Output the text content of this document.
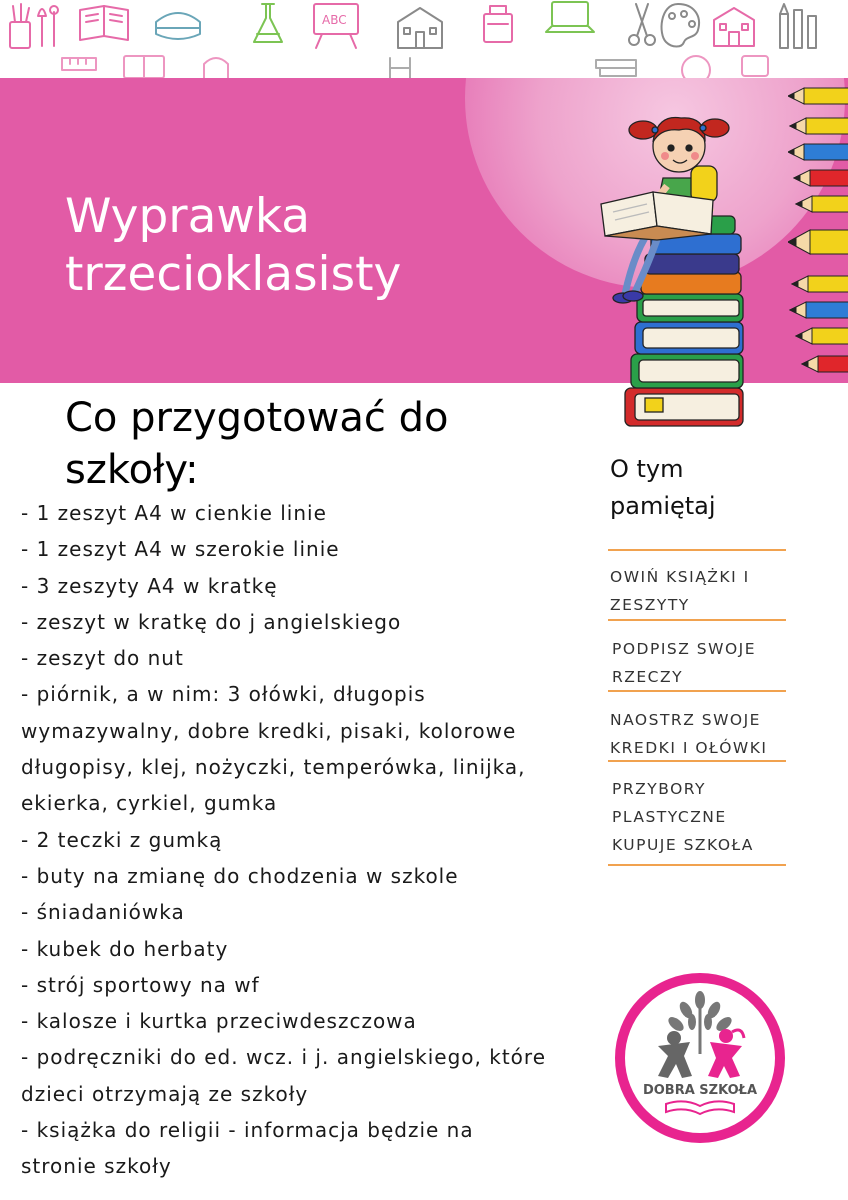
ABC
Wyprawka
trzecioklasisty
Co przygotować do
szkoły:
- 1 zeszyt A4 w cienkie linie
- 1 zeszyt A4 w szerokie linie
- 3 zeszyty A4 w kratkę
- zeszyt w kratkę do j angielskiego
- zeszyt do nut
- piórnik, a w nim: 3 ołówki, długopis
wymazywalny, dobre kredki, pisaki, kolorowe
długopisy, klej, nożyczki, temperówka, linijka,
ekierka, cyrkiel, gumka
- 2 teczki z gumką
- buty na zmianę do chodzenia w szkole
- śniadaniówka
- kubek do herbaty
- strój sportowy na wf
- kalosze i kurtka przeciwdeszczowa
- podręczniki do ed. wcz. i j. angielskiego, które
dzieci otrzymają ze szkoły
- książka do religii - informacja będzie na
stronie szkoły
O tym
pamiętaj

OWIŃ KSIĄŻKI I
ZESZYTY

PODPISZ SWOJE
RZECZY

NAOSTRZ SWOJE
KREDKI I OŁÓWKI

PRZYBORY
PLASTYCZNE
KUPUJE SZKOŁA

DOBRA SZKOŁA
